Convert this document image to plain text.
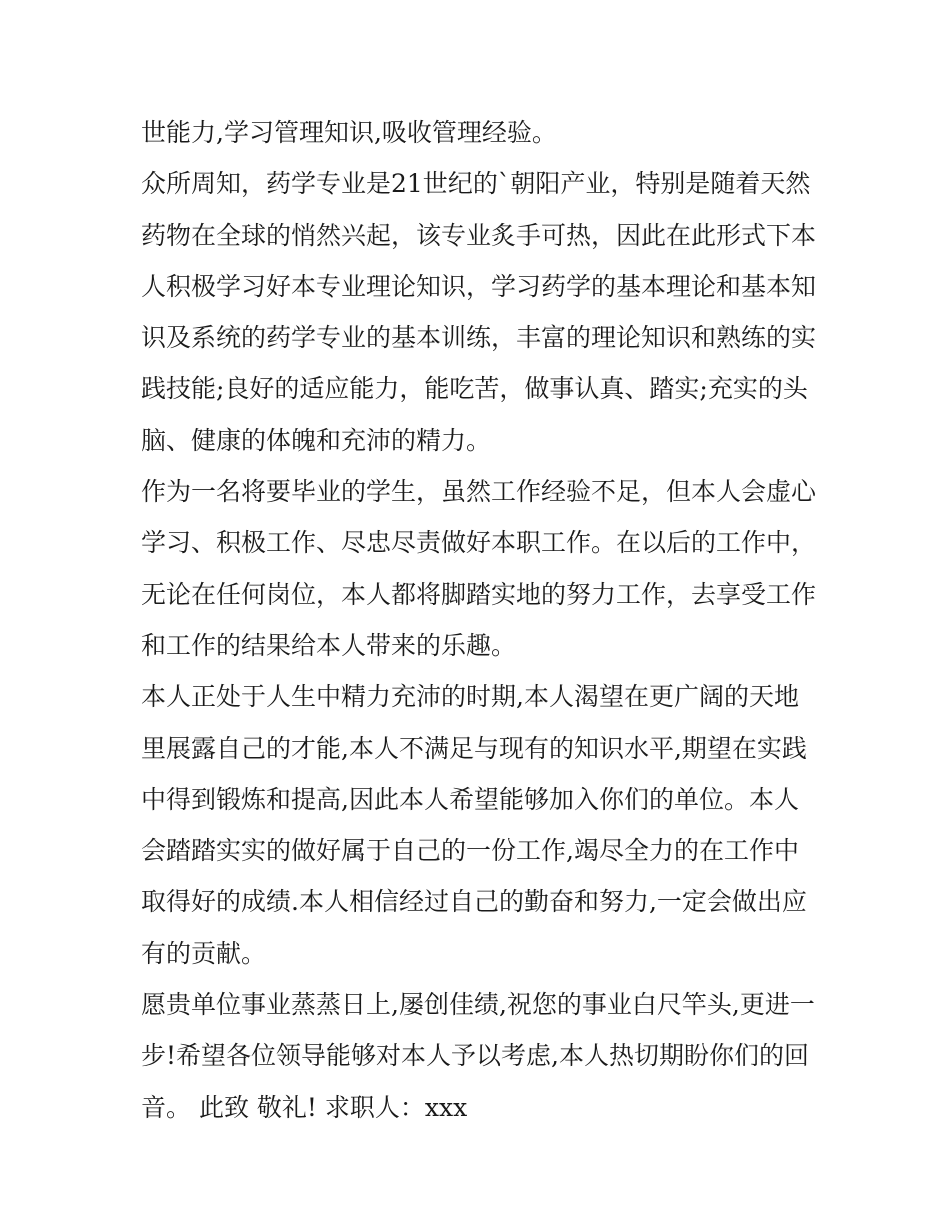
世能力,学习管理知识,吸收管理经验。

众所周知，药学专业是21世纪的`朝阳产业，特别是随着天然
药物在全球的悄然兴起，该专业炙手可热，因此在此形式下本
人积极学习好本专业理论知识，学习药学的基本理论和基本知
识及系统的药学专业的基本训练，丰富的理论知识和熟练的实
践技能;良好的适应能力，能吃苦，做事认真、踏实;充实的头
脑、健康的体魄和充沛的精力。

作为一名将要毕业的学生，虽然工作经验不足，但本人会虚心
学习、积极工作、尽忠尽责做好本职工作。在以后的工作中，
无论在任何岗位，本人都将脚踏实地的努力工作，去享受工作
和工作的结果给本人带来的乐趣。

本人正处于人生中精力充沛的时期,本人渴望在更广阔的天地
里展露自己的才能,本人不满足与现有的知识水平,期望在实践
中得到锻炼和提高,因此本人希望能够加入你们的单位。本人
会踏踏实实的做好属于自己的一份工作,竭尽全力的在工作中
取得好的成绩.本人相信经过自己的勤奋和努力,一定会做出应
有的贡献。

愿贵单位事业蒸蒸日上,屡创佳绩,祝您的事业白尺竿头,更进一
步!希望各位领导能够对本人予以考虑,本人热切期盼你们的回
音。 此致 敬礼! 求职人：xxx
